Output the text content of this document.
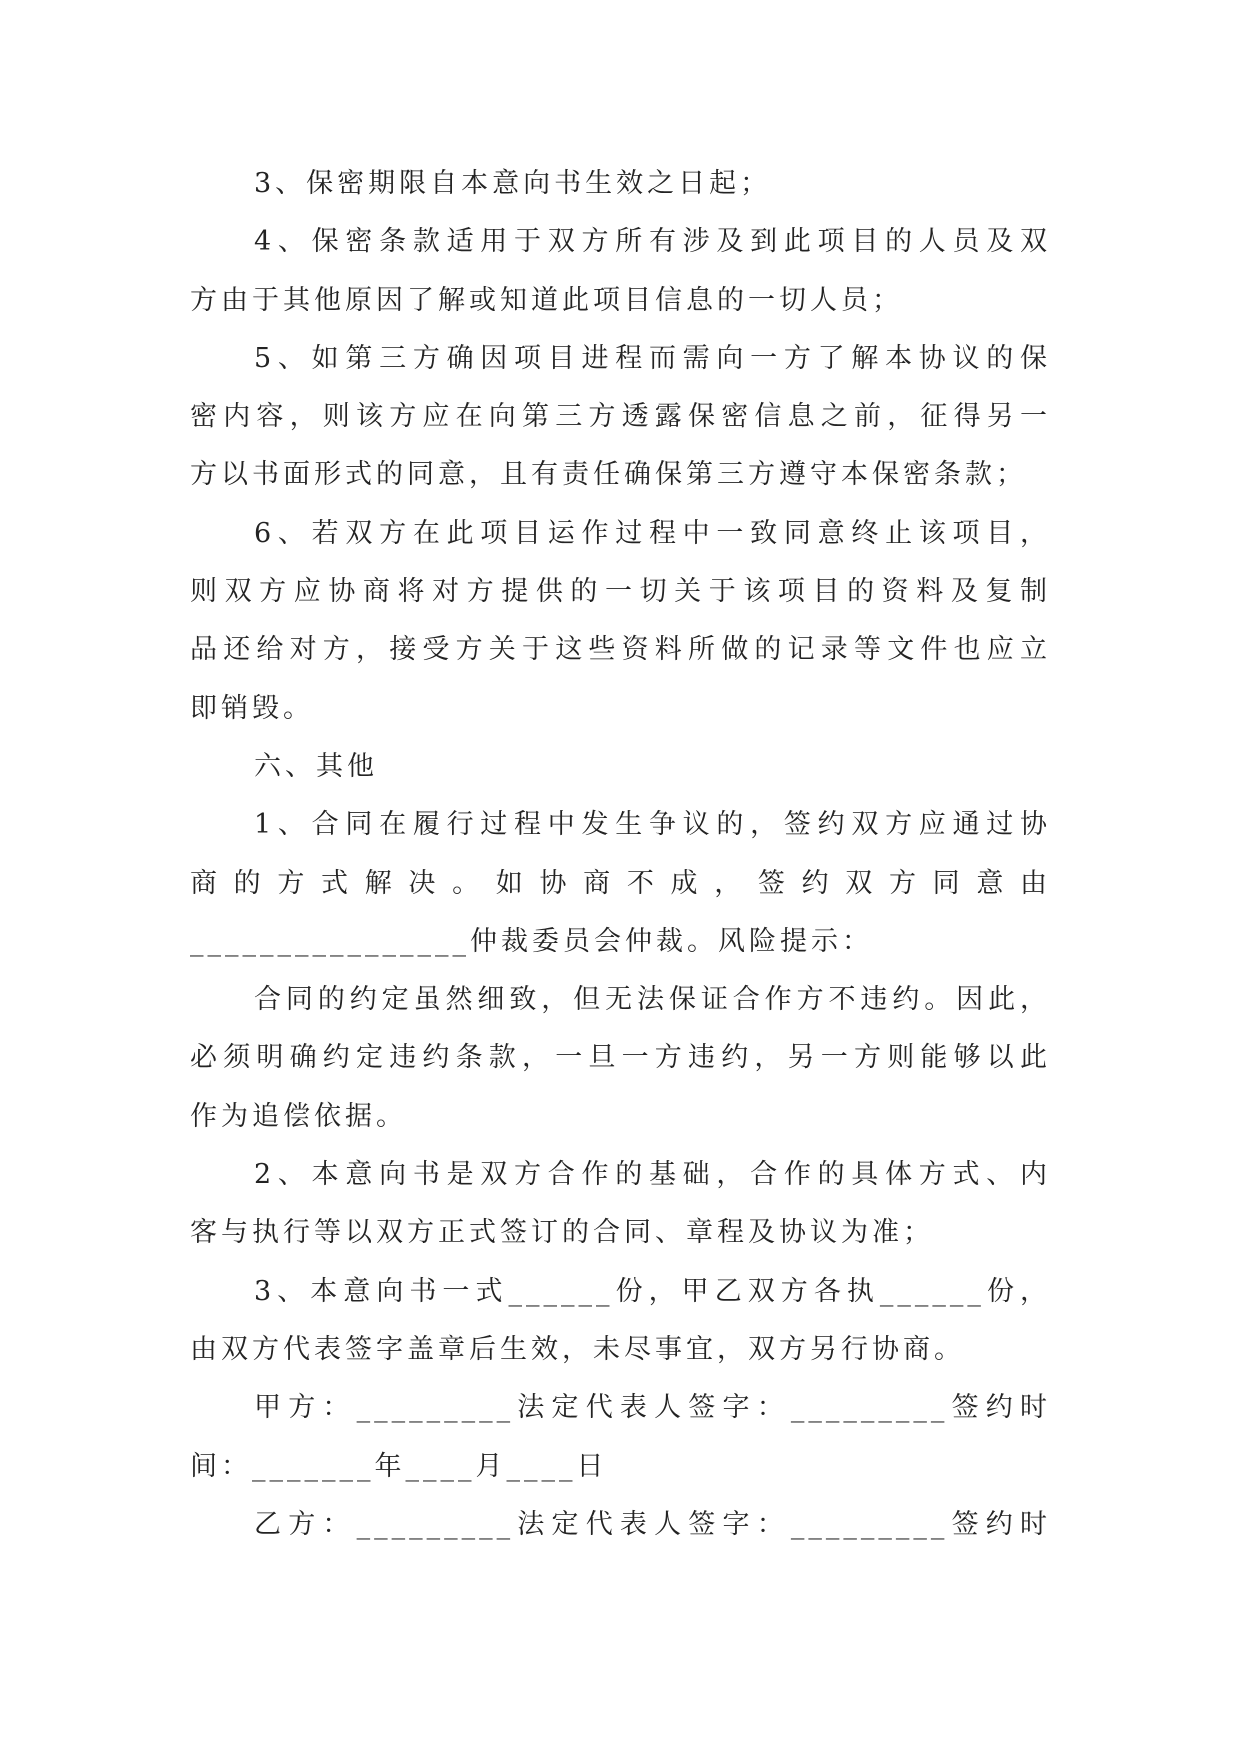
3、保密期限自本意向书生效之日起；
4、保密条款适用于双方所有涉及到此项目的人员及双
方由于其他原因了解或知道此项目信息的一切人员；
5、如第三方确因项目进程而需向一方了解本协议的保
密内容，则该方应在向第三方透露保密信息之前，征得另一
方以书面形式的同意，且有责任确保第三方遵守本保密条款；
6、若双方在此项目运作过程中一致同意终止该项目，
则双方应协商将对方提供的一切关于该项目的资料及复制
品还给对方，接受方关于这些资料所做的记录等文件也应立
即销毁。
六、其他
1、合同在履行过程中发生争议的，签约双方应通过协
商的方式解决。如协商不成，签约双方同意由
________________仲裁委员会仲裁。风险提示：
合同的约定虽然细致，但无法保证合作方不违约。因此，
必须明确约定违约条款，一旦一方违约，另一方则能够以此
作为追偿依据。
2、本意向书是双方合作的基础，合作的具体方式、内
客与执行等以双方正式签订的合同、章程及协议为准；
3、本意向书一式______份，甲乙双方各执______份，
由双方代表签字盖章后生效，未尽事宜，双方另行协商。
甲方：_________法定代表人签字：_________签约时
间：_______年____月____日
乙方：_________法定代表人签字：_________签约时
